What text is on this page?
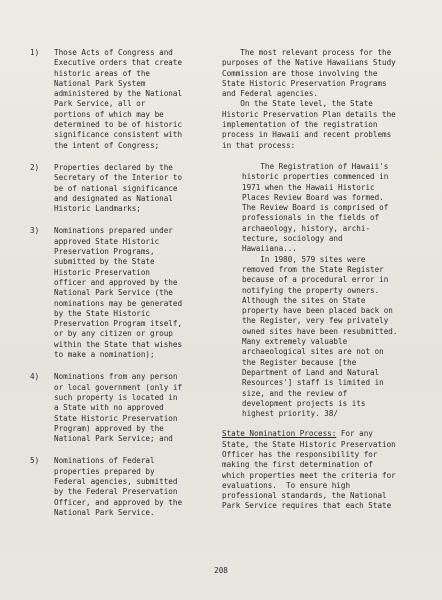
1) Those Acts of Congress and
Executive orders that create
historic areas of the
National Park System
administered by the National
Park Service, all or
portions of which may be
determined to be of historic
significance consistent with
the intent of Congress;
2) Properties declared by the
Secretary of the Interior to
be of national significance
and designated as National
Historic Landmarks;
3) Nominations prepared under
approved State Historic
Preservation Programs,
submitted by the State
Historic Preservation
officer and approved by the
National Park Service (the
nominations may be generated
by the State Historic
Preservation Program itself,
or by any citizen or group
within the State that wishes
to make a nomination);
4) Nominations from any person
or local government (only if
such property is located in
a State with no approved
State Historic Preservation
Program) approved by the
National Park Service; and
5) Nominations of Federal
properties prepared by
Federal agencies, submitted
by the Federal Preservation
Officer, and approved by the
National Park Service.
The most relevant process for the
purposes of the Native Hawaiians Study
Commission are those involving the
State Historic Preservation Programs
and Federal agencies.
On the State level, the State
Historic Preservation Plan details the
implementation of the registration
process in Hawaii and recent problems
in that process:
The Registration of Hawaii's
historic properties commenced in
1971 when the Hawaii Historic
Places Review Board was formed.
The Review Board is comprised of
professionals in the fields of
archaeology, history, archi-
tecture, sociology and
Hawaiiana...
In 1980, 579 sites were
removed from the State Register
because of a procedural error in
notifying the property owners.
Although the sites on State
property have been placed back on
the Register, very few privately
owned sites have been resubmitted.
Many extremely valuable
archaeological sites are not on
the Register because [the
Department of Land and Natural
Resources'] staff is limited in
size, and the review of
development projects is its
highest priority. 38/
State Nomination Process: For any
State, the State Historic Preservation
Officer has the responsibility for
making the first determination of
which properties meet the criteria for
evaluations.  To ensure high
professional standards, the National
Park Service requires that each State
208
